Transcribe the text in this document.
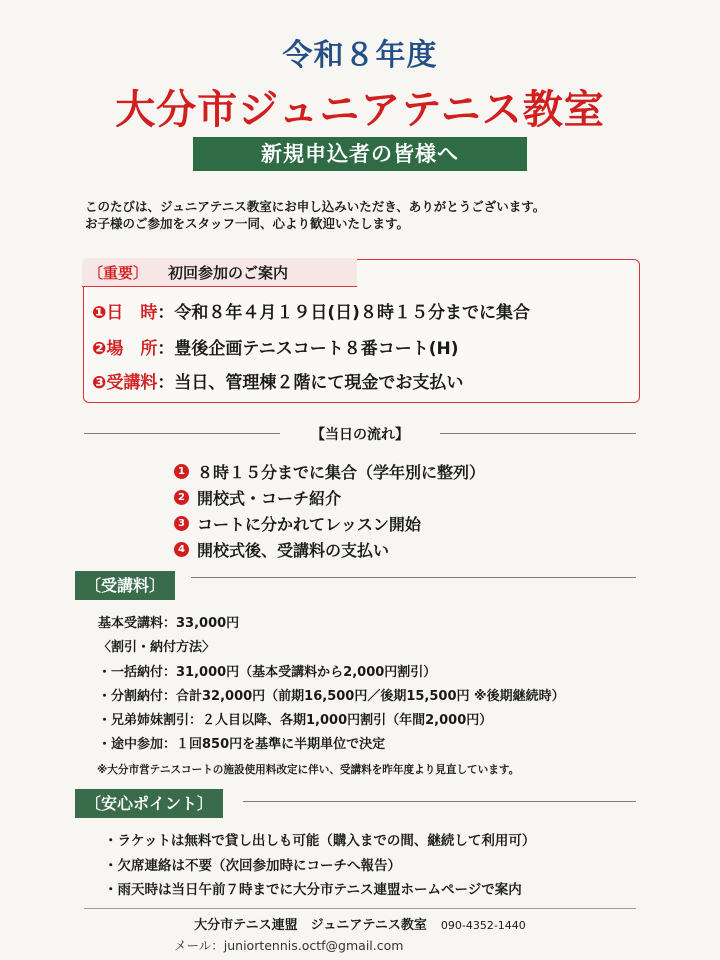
令和８年度
大分市ジュニアテニス教室
新規申込者の皆様へ
このたびは、ジュニアテニス教室にお申し込みいただき、ありがとうございます。
お子様のご参加をスタッフ一同、心より歓迎いたします。
〔重要〕 初回参加のご案内
❶日　時：令和８年４月１９日(日)８時１５分までに集合
❷場　所：豊後企画テニスコート８番コート(H)
❸受講料：当日、管理棟２階にて現金でお支払い
【当日の流れ】
1 ８時１５分までに集合（学年別に整列）
2 開校式・コーチ紹介
3 コートに分かれてレッスン開始
4 開校式後、受講料の支払い
〔受講料〕
基本受講料：33,000円
〈割引・納付方法〉
・一括納付：31,000円（基本受講料から2,000円割引）
・分割納付：合計32,000円（前期16,500円／後期15,500円 ※後期継続時）
・兄弟姉妹割引：２人目以降、各期1,000円割引（年間2,000円）
・途中参加：１回850円を基準に半期単位で決定
※大分市営テニスコートの施設使用料改定に伴い、受講料を昨年度より見直しています。
〔安心ポイント〕
・ラケットは無料で貸し出しも可能（購入までの間、継続して利用可）
・欠席連絡は不要（次回参加時にコーチへ報告）
・雨天時は当日午前７時までに大分市テニス連盟ホームページで案内
大分市テニス連盟　ジュニアテニス教室 090-4352-1440
メール：juniortennis.octf@gmail.com
